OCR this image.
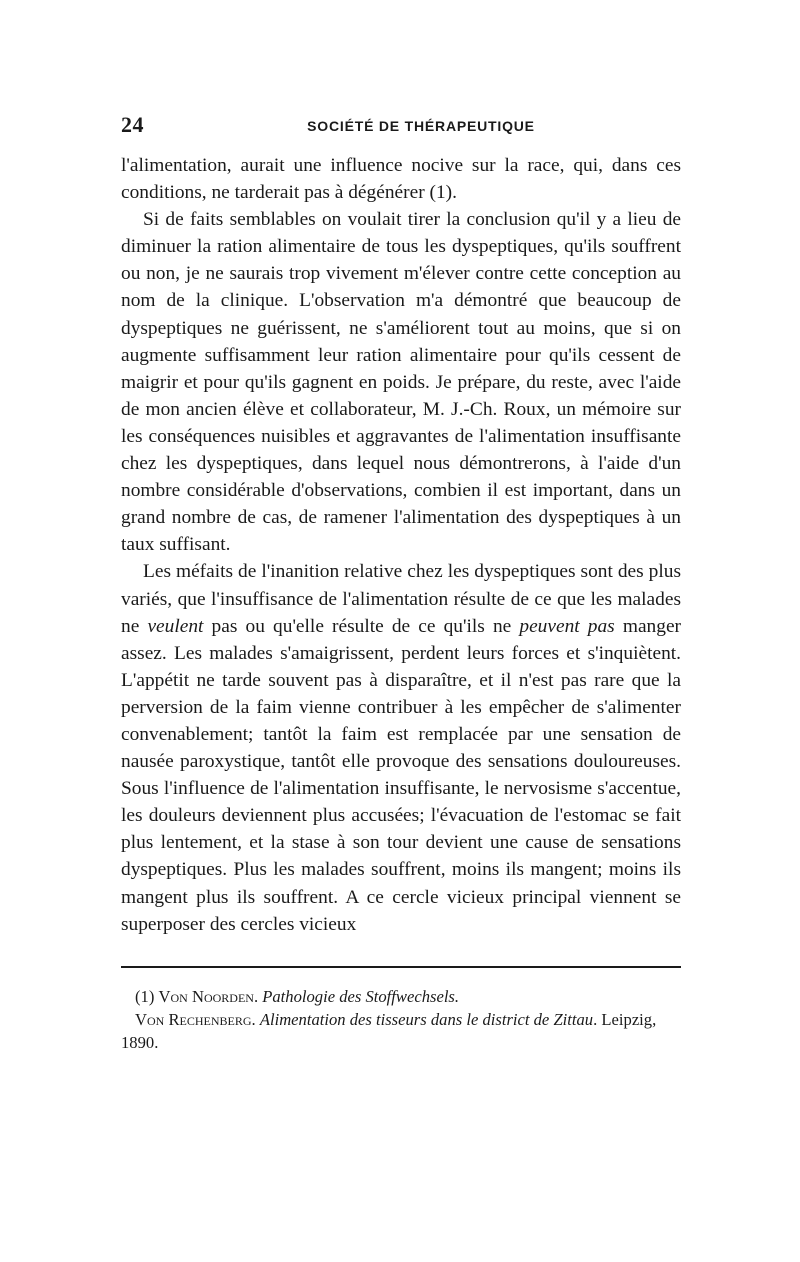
24	SOCIÉTÉ DE THÉRAPEUTIQUE

l'alimentation, aurait une influence nocive sur la race, qui, dans ces conditions, ne tarderait pas à dégénérer (1).

Si de faits semblables on voulait tirer la conclusion qu'il y a lieu de diminuer la ration alimentaire de tous les dyspeptiques, qu'ils souffrent ou non, je ne saurais trop vivement m'élever contre cette conception au nom de la clinique. L'observation m'a démontré que beaucoup de dyspeptiques ne guérissent, ne s'améliorent tout au moins, que si on augmente suffisamment leur ration alimentaire pour qu'ils cessent de maigrir et pour qu'ils gagnent en poids. Je prépare, du reste, avec l'aide de mon ancien élève et collaborateur, M. J.-Ch. Roux, un mémoire sur les conséquences nuisibles et aggravantes de l'alimentation insuffisante chez les dyspeptiques, dans lequel nous démontrerons, à l'aide d'un nombre considérable d'observations, combien il est important, dans un grand nombre de cas, de ramener l'alimentation des dyspeptiques à un taux suffisant.

Les méfaits de l'inanition relative chez les dyspeptiques sont des plus variés, que l'insuffisance de l'alimentation résulte de ce que les malades ne veulent pas ou qu'elle résulte de ce qu'ils ne peuvent pas manger assez. Les malades s'amaigrissent, perdent leurs forces et s'inquiètent. L'appétit ne tarde souvent pas à disparaître, et il n'est pas rare que la perversion de la faim vienne contribuer à les empêcher de s'alimenter convenablement; tantôt la faim est remplacée par une sensation de nausée paroxystique, tantôt elle provoque des sensations douloureuses. Sous l'influence de l'alimentation insuffisante, le nervosisme s'accentue, les douleurs deviennent plus accusées; l'évacuation de l'estomac se fait plus lentement, et la stase à son tour devient une cause de sensations dyspeptiques. Plus les malades souffrent, moins ils mangent; moins ils mangent plus ils souffrent. A ce cercle vicieux principal viennent se superposer des cercles vicieux

(1) Von Noorden. Pathologie des Stoffwechsels.

Von Rechenberg. Alimentation des tisseurs dans le district de Zittau. Leipzig, 1890.
